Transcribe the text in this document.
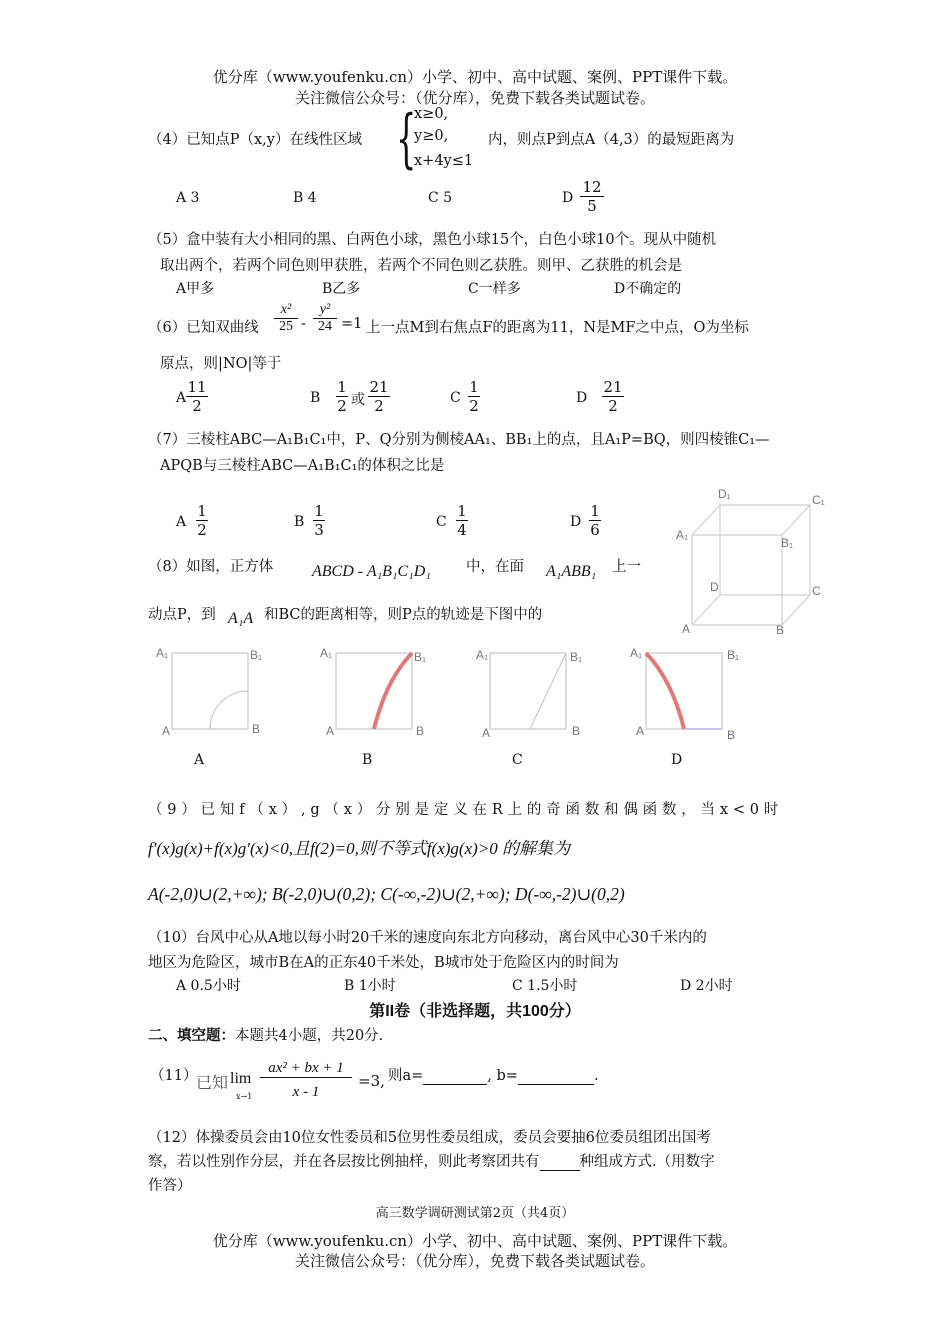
优分库（www.youfenku.cn）小学、初中、高中试题、案例、PPT课件下载。
关注微信公众号：（优分库），免费下载各类试题试卷。
（4）已知点P（x,y）在线性区域 {
x≥0,
y≥0,
x+4y≤1
内，则点P到点A（4,3）的最短距离为
A 3	B 4	C 5	D $\frac{12}{5}$
（5）盒中装有大小相同的黑、白两色小球，黑色小球15个，白色小球10个。现从中随机
取出两个，若两个同色则甲获胜，若两个不同色则乙获胜。则甲、乙获胜的机会是
A甲多	B乙多	C一样多	D不确定的
（6）已知双曲线 $\frac{\text{x²}}{25} - \frac{\text{y²}}{24} =1$ 上一点M到右焦点F的距离为11，N是MF之中点，O为坐标
原点，则|NO|等于
A $\frac{11}{2}$	B $\frac{1}{2}$ 或 $\frac{21}{2}$	C $\frac{1}{2}$	D $\frac{21}{2}$
（7）三棱柱ABC—A₁B₁C₁中，P、Q分别为侧棱AA₁、BB₁上的点，且A₁P=BQ，则四棱锥C₁—
APQB与三棱柱ABC—A₁B₁C₁的体积之比是
A $\frac{1}{2}$	B $\frac{1}{3}$	C $\frac{1}{4}$	D $\frac{1}{6}$
D₁	C₁
A₁
B₁
D	C
A	B
（8）如图，正方体 ABCD - A₁B₁C₁D₁ 中，在面 A₁ABB₁ 上一
动点P，到 A₁A 和BC的距离相等，则P点的轨迹是下图中的
A₁	B₁
A	B
A₁	B₁
A	B
A₁	B₁
A	B
A₁	B₁
A	B
A	B	C	D
（9）已知f（x）,g（x）分别是定义在R上的奇函数和偶函数，当x<0时
f′(x)g(x)+f(x)g′(x)<0,且f(2)=0,则不等式f(x)g(x)>0 的解集为
A(-2,0)∪(2,+∞); B(-2,0)∪(0,2); C(-∞,-2)∪(2,+∞); D(-∞,-2)∪(0,2)
（10）台风中心从A地以每小时20千米的速度向东北方向移动，离台风中心30千米内的
地区为危险区，城市B在A的正东40千米处，B城市处于危险区内的时间为
A 0.5小时	B 1小时	C 1.5小时	D 2小时
第II卷（非选择题，共100分）
二、填空题：本题共4小题，共20分.
（11）
已知 lim
$x\to 1 \frac{\text{ax² + bx + 1}}{x - 1} =3$, 则a=	, b=	.
（12）体操委员会由10位女性委员和5位男性委员组成，委员会要抽6位委员组团出国考
察，若以性别作分层，并在各层按比例抽样，则此考察团共有	种组成方式.（用数字
作答）
高三数学调研测试第2页（共4页）
优分库（www.youfenku.cn）小学、初中、高中试题、案例、PPT课件下载。
关注微信公众号：（优分库），免费下载各类试题试卷。
